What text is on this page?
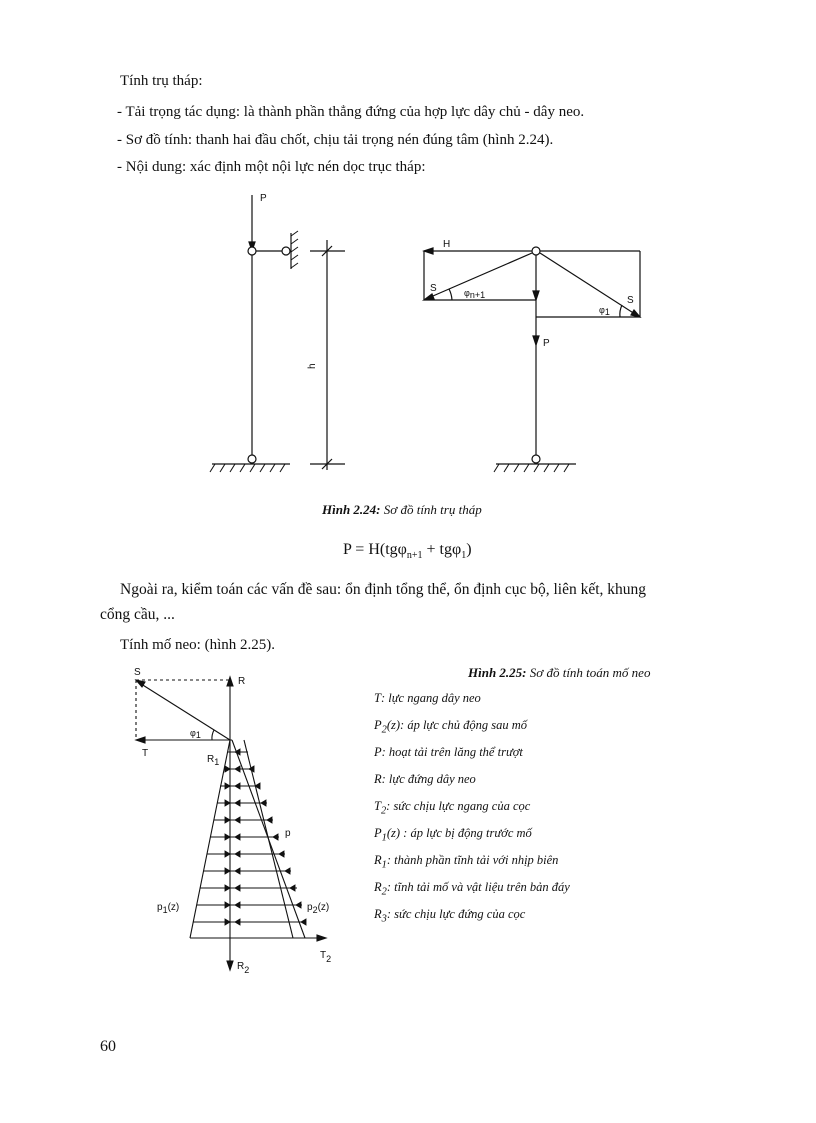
Tính trụ tháp:
- Tải trọng tác dụng: là thành phần thẳng đứng của hợp lực dây chủ - dây neo.
- Sơ đồ tính: thanh hai đầu chốt, chịu tải trọng nén đúng tâm (hình 2.24).
- Nội dung: xác định một nội lực nén dọc trục tháp:
P
h
H
S	φn+1
φ1
S
P
Hình 2.24: Sơ đồ tính trụ tháp
P = H(tgφ$_{n+1}$ + tgφ$_1$)
Ngoài ra, kiểm toán các vấn đề sau: ổn định tổng thể, ổn định cục bộ, liên kết, khung
cổng cầu, ...
Tính mố neo: (hình 2.25).
S
R
φ1
T
R1
p
p1(z)	p2(z)
T2
R2
Hình 2.25: Sơ đồ tính toán mố neo
T: lực ngang dây neo
$P_2(z)$: áp lực chủ động sau mố
P: hoạt tải trên lăng thể trượt
R: lực đứng dây neo
$T_2$: sức chịu lực ngang của cọc
$P_1(z)$ : áp lực bị động trước mố
$R_1$: thành phần tĩnh tải với nhịp biên
$R_2$: tĩnh tải mố và vật liệu trên bản đáy
$R_3$: sức chịu lực đứng của cọc
60
